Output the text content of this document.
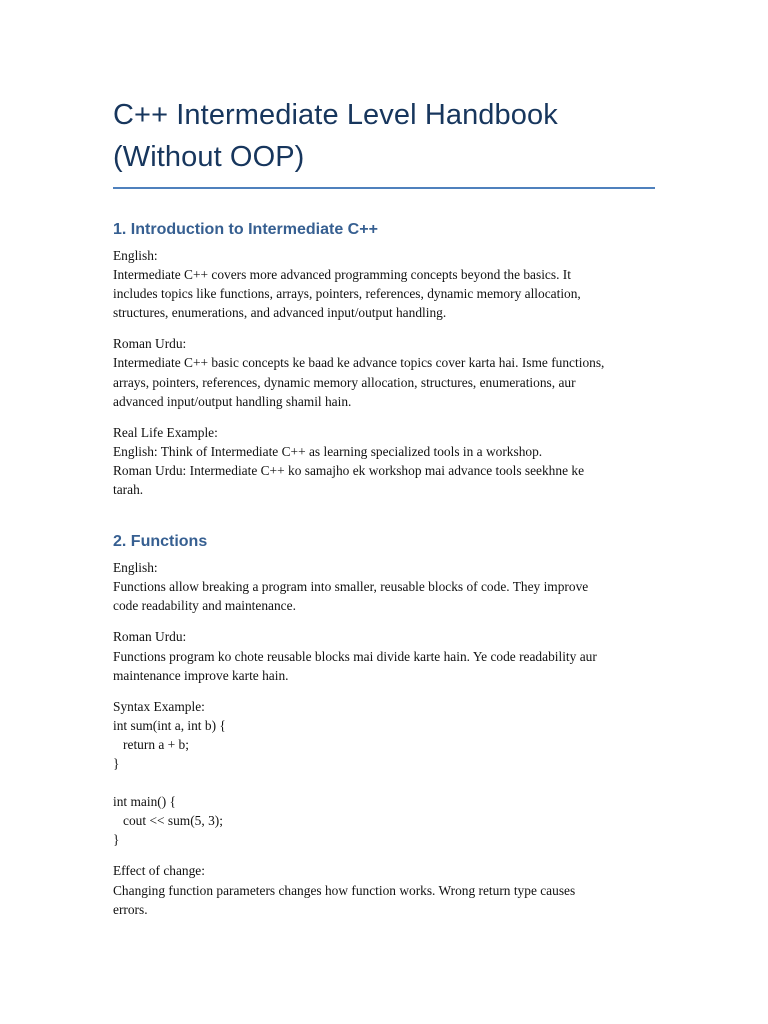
C++ Intermediate Level Handbook
(Without OOP)
1. Introduction to Intermediate C++

English:

Intermediate C++ covers more advanced programming concepts beyond the basics. It
includes topics like functions, arrays, pointers, references, dynamic memory allocation,
structures, enumerations, and advanced input/output handling.

Roman Urdu:

Intermediate C++ basic concepts ke baad ke advance topics cover karta hai. Isme functions,
arrays, pointers, references, dynamic memory allocation, structures, enumerations, aur
advanced input/output handling shamil hain.

Real Life Example:

English: Think of Intermediate C++ as learning specialized tools in a workshop.

Roman Urdu: Intermediate C++ ko samajho ek workshop mai advance tools seekhne ke
tarah.

2. Functions

English:

Functions allow breaking a program into smaller, reusable blocks of code. They improve
code readability and maintenance.

Roman Urdu:

Functions program ko chote reusable blocks mai divide karte hain. Ye code readability aur
maintenance improve karte hain.

Syntax Example:

int sum(int a, int b) {
return a + b;
}

int main() {
cout << sum(5, 3);
}

Effect of change:

Changing function parameters changes how function works. Wrong return type causes
errors.
